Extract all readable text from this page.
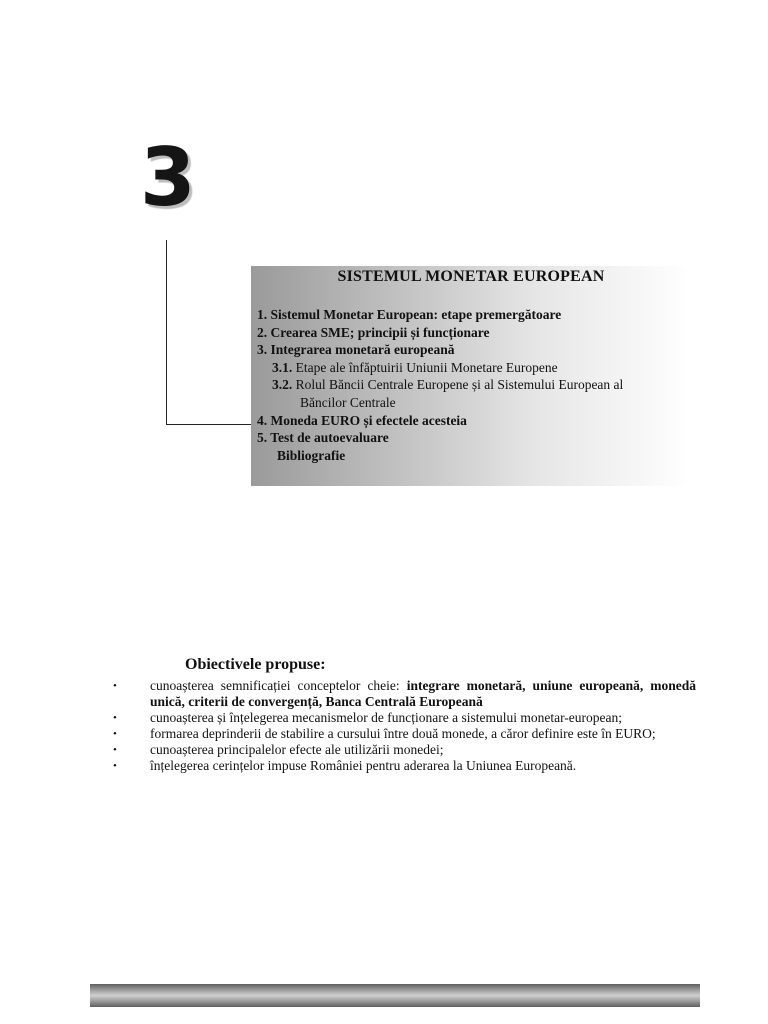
3
SISTEMUL MONETAR EUROPEAN
1. Sistemul Monetar European: etape premergătoare
2. Crearea SME; principii și funcționare
3. Integrarea monetară europeană
3.1. Etape ale înfăptuirii Uniunii Monetare Europene
3.2. Rolul Băncii Centrale Europene și al Sistemului European al
Băncilor Centrale
4. Moneda EURO și efectele acesteia
5. Test de autoevaluare
Bibliografie
Obiectivele propuse:
• cunoașterea semnificației conceptelor cheie: integrare monetară, uniune europeană, monedă unică, criterii de convergență, Banca Centrală Europeană
• cunoașterea și înțelegerea mecanismelor de funcționare a sistemului monetar-european;
• formarea deprinderii de stabilire a cursului între două monede, a căror definire este în EURO;
• cunoașterea principalelor efecte ale utilizării monedei;
• înțelegerea cerințelor impuse României pentru aderarea la Uniunea Europeană.
